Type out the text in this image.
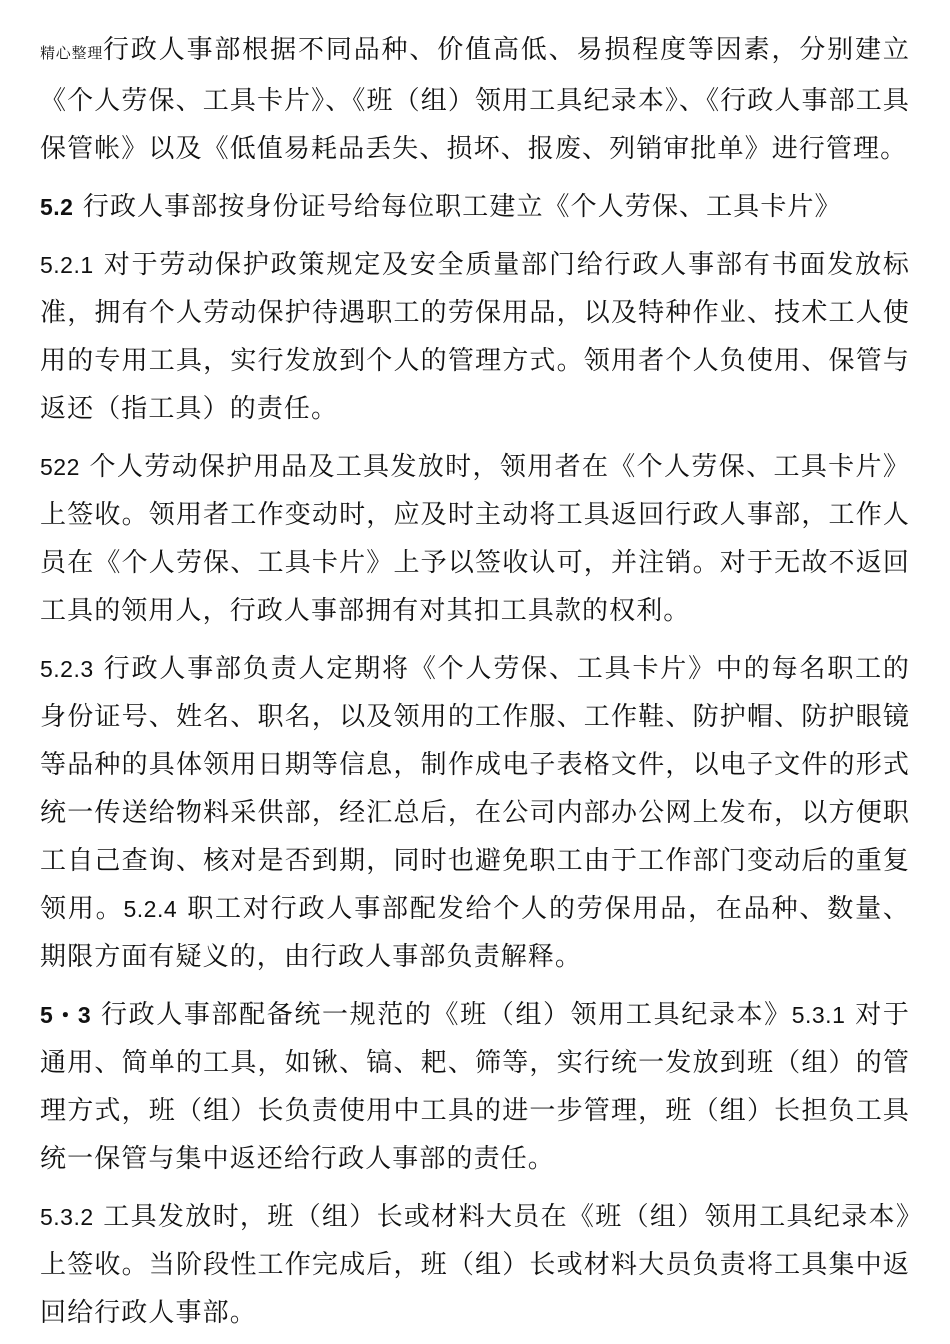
精心整理行政人事部根据不同品种、价值高低、易损程度等因素，分别建立《个人劳保、工具卡片》、《班（组）领用工具纪录本》、《行政人事部工具保管帐》以及《低值易耗品丢失、损坏、报废、列销审批单》进行管理。

5.2 行政人事部按身份证号给每位职工建立《个人劳保、工具卡片》

5.2.1 对于劳动保护政策规定及安全质量部门给行政人事部有书面发放标准，拥有个人劳动保护待遇职工的劳保用品，以及特种作业、技术工人使用的专用工具，实行发放到个人的管理方式。领用者个人负使用、保管与返还（指工具）的责任。

522 个人劳动保护用品及工具发放时，领用者在《个人劳保、工具卡片》上签收。领用者工作变动时，应及时主动将工具返回行政人事部，工作人员在《个人劳保、工具卡片》上予以签收认可，并注销。对于无故不返回工具的领用人，行政人事部拥有对其扣工具款的权利。

5.2.3 行政人事部负责人定期将《个人劳保、工具卡片》中的每名职工的身份证号、姓名、职名，以及领用的工作服、工作鞋、防护帽、防护眼镜等品种的具体领用日期等信息，制作成电子表格文件，以电子文件的形式统一传送给物料采供部，经汇总后，在公司内部办公网上发布，以方便职工自己查询、核对是否到期，同时也避免职工由于工作部门变动后的重复领用。5.2.4 职工对行政人事部配发给个人的劳保用品，在品种、数量、期限方面有疑义的，由行政人事部负责解释。

5・3 行政人事部配备统一规范的《班（组）领用工具纪录本》5.3.1 对于通用、简单的工具，如锹、镐、耙、筛等，实行统一发放到班（组）的管理方式，班（组）长负责使用中工具的进一步管理，班（组）长担负工具统一保管与集中返还给行政人事部的责任。

5.3.2 工具发放时，班（组）长或材料大员在《班（组）领用工具纪录本》上签收。当阶段性工作完成后，班（组）长或材料大员负责将工具集中返回给行政人事部。
